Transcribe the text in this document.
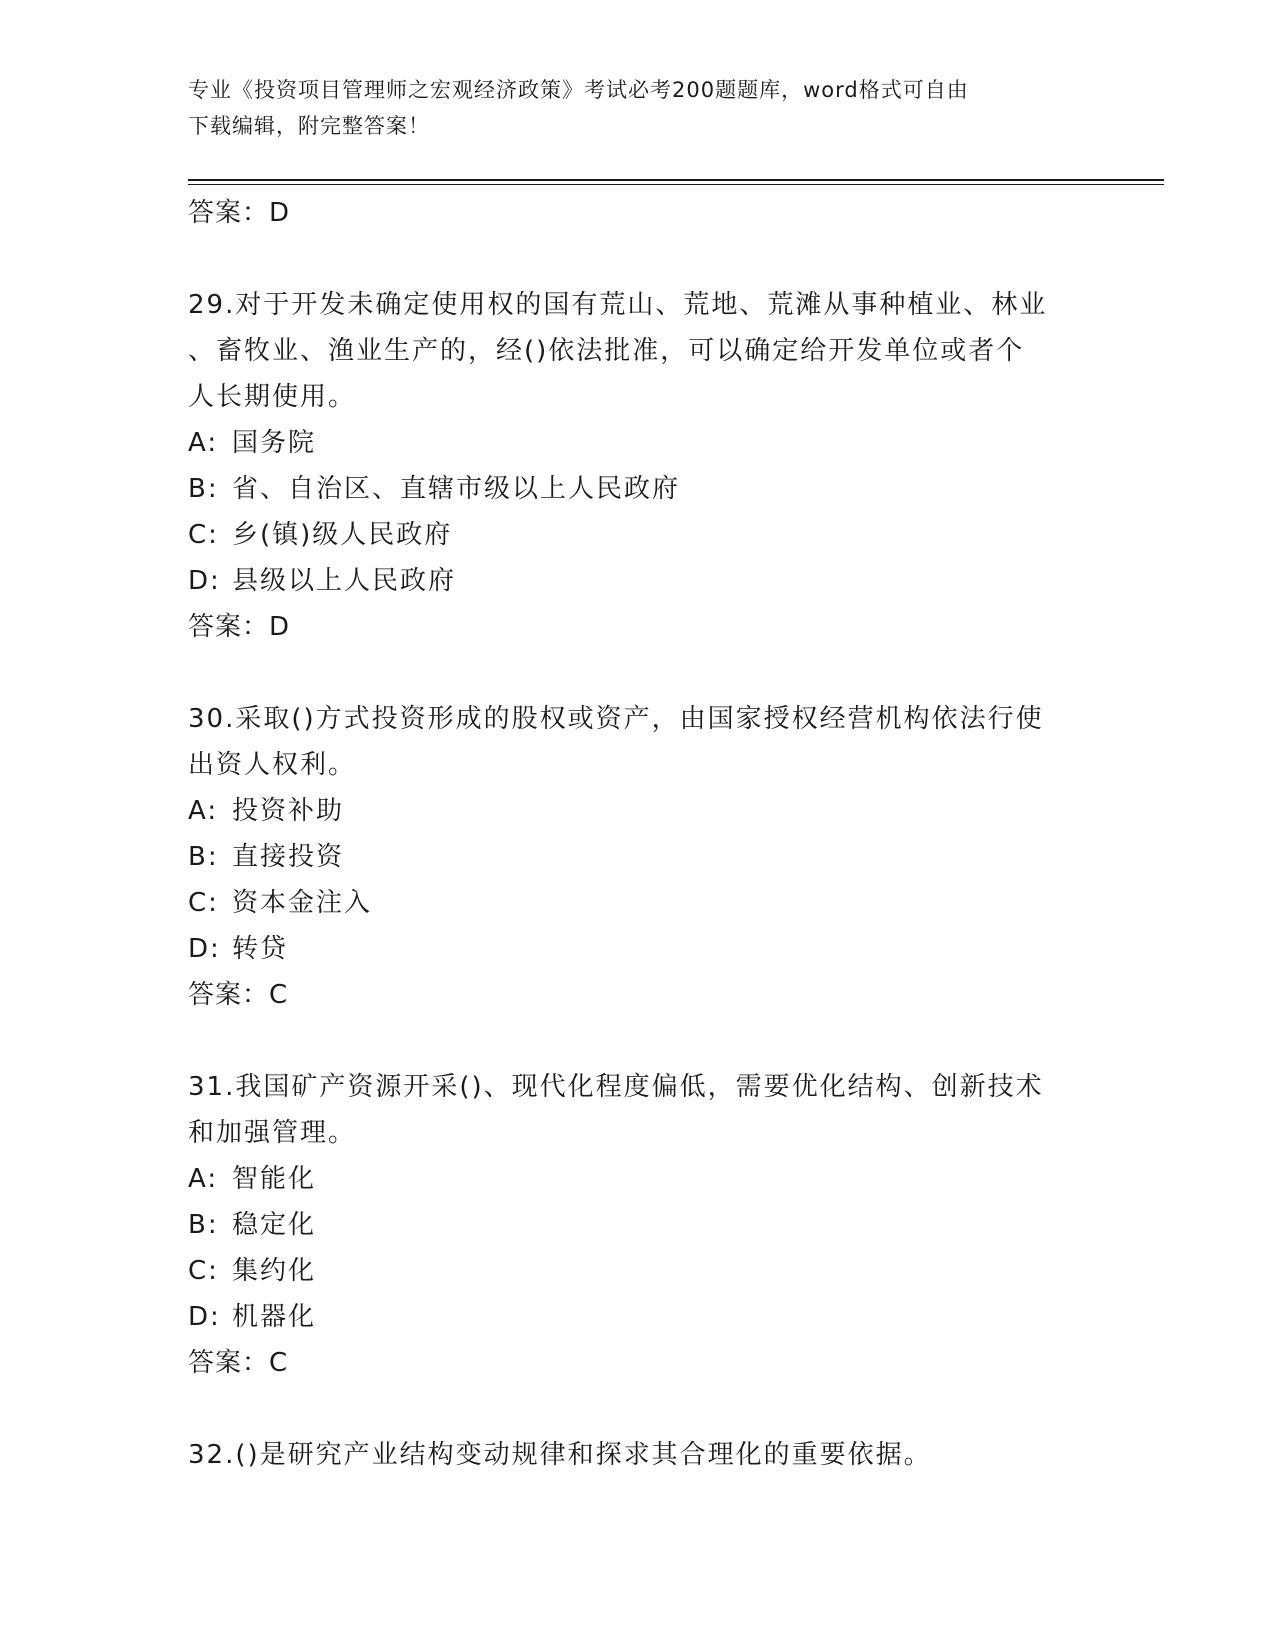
专业《投资项目管理师之宏观经济政策》考试必考200题题库，word格式可自由
下载编辑，附完整答案！
答案：D
29.对于开发未确定使用权的国有荒山、荒地、荒滩从事种植业、林业
、畜牧业、渔业生产的，经()依法批准，可以确定给开发单位或者个
人长期使用。
A: 国务院
B: 省、自治区、直辖市级以上人民政府
C: 乡(镇)级人民政府
D: 县级以上人民政府
答案：D
30.采取()方式投资形成的股权或资产，由国家授权经营机构依法行使
出资人权利。
A: 投资补助
B: 直接投资
C: 资本金注入
D: 转贷
答案：C
31.我国矿产资源开采()、现代化程度偏低，需要优化结构、创新技术
和加强管理。
A: 智能化
B: 稳定化
C: 集约化
D: 机器化
答案：C
32.()是研究产业结构变动规律和探求其合理化的重要依据。
